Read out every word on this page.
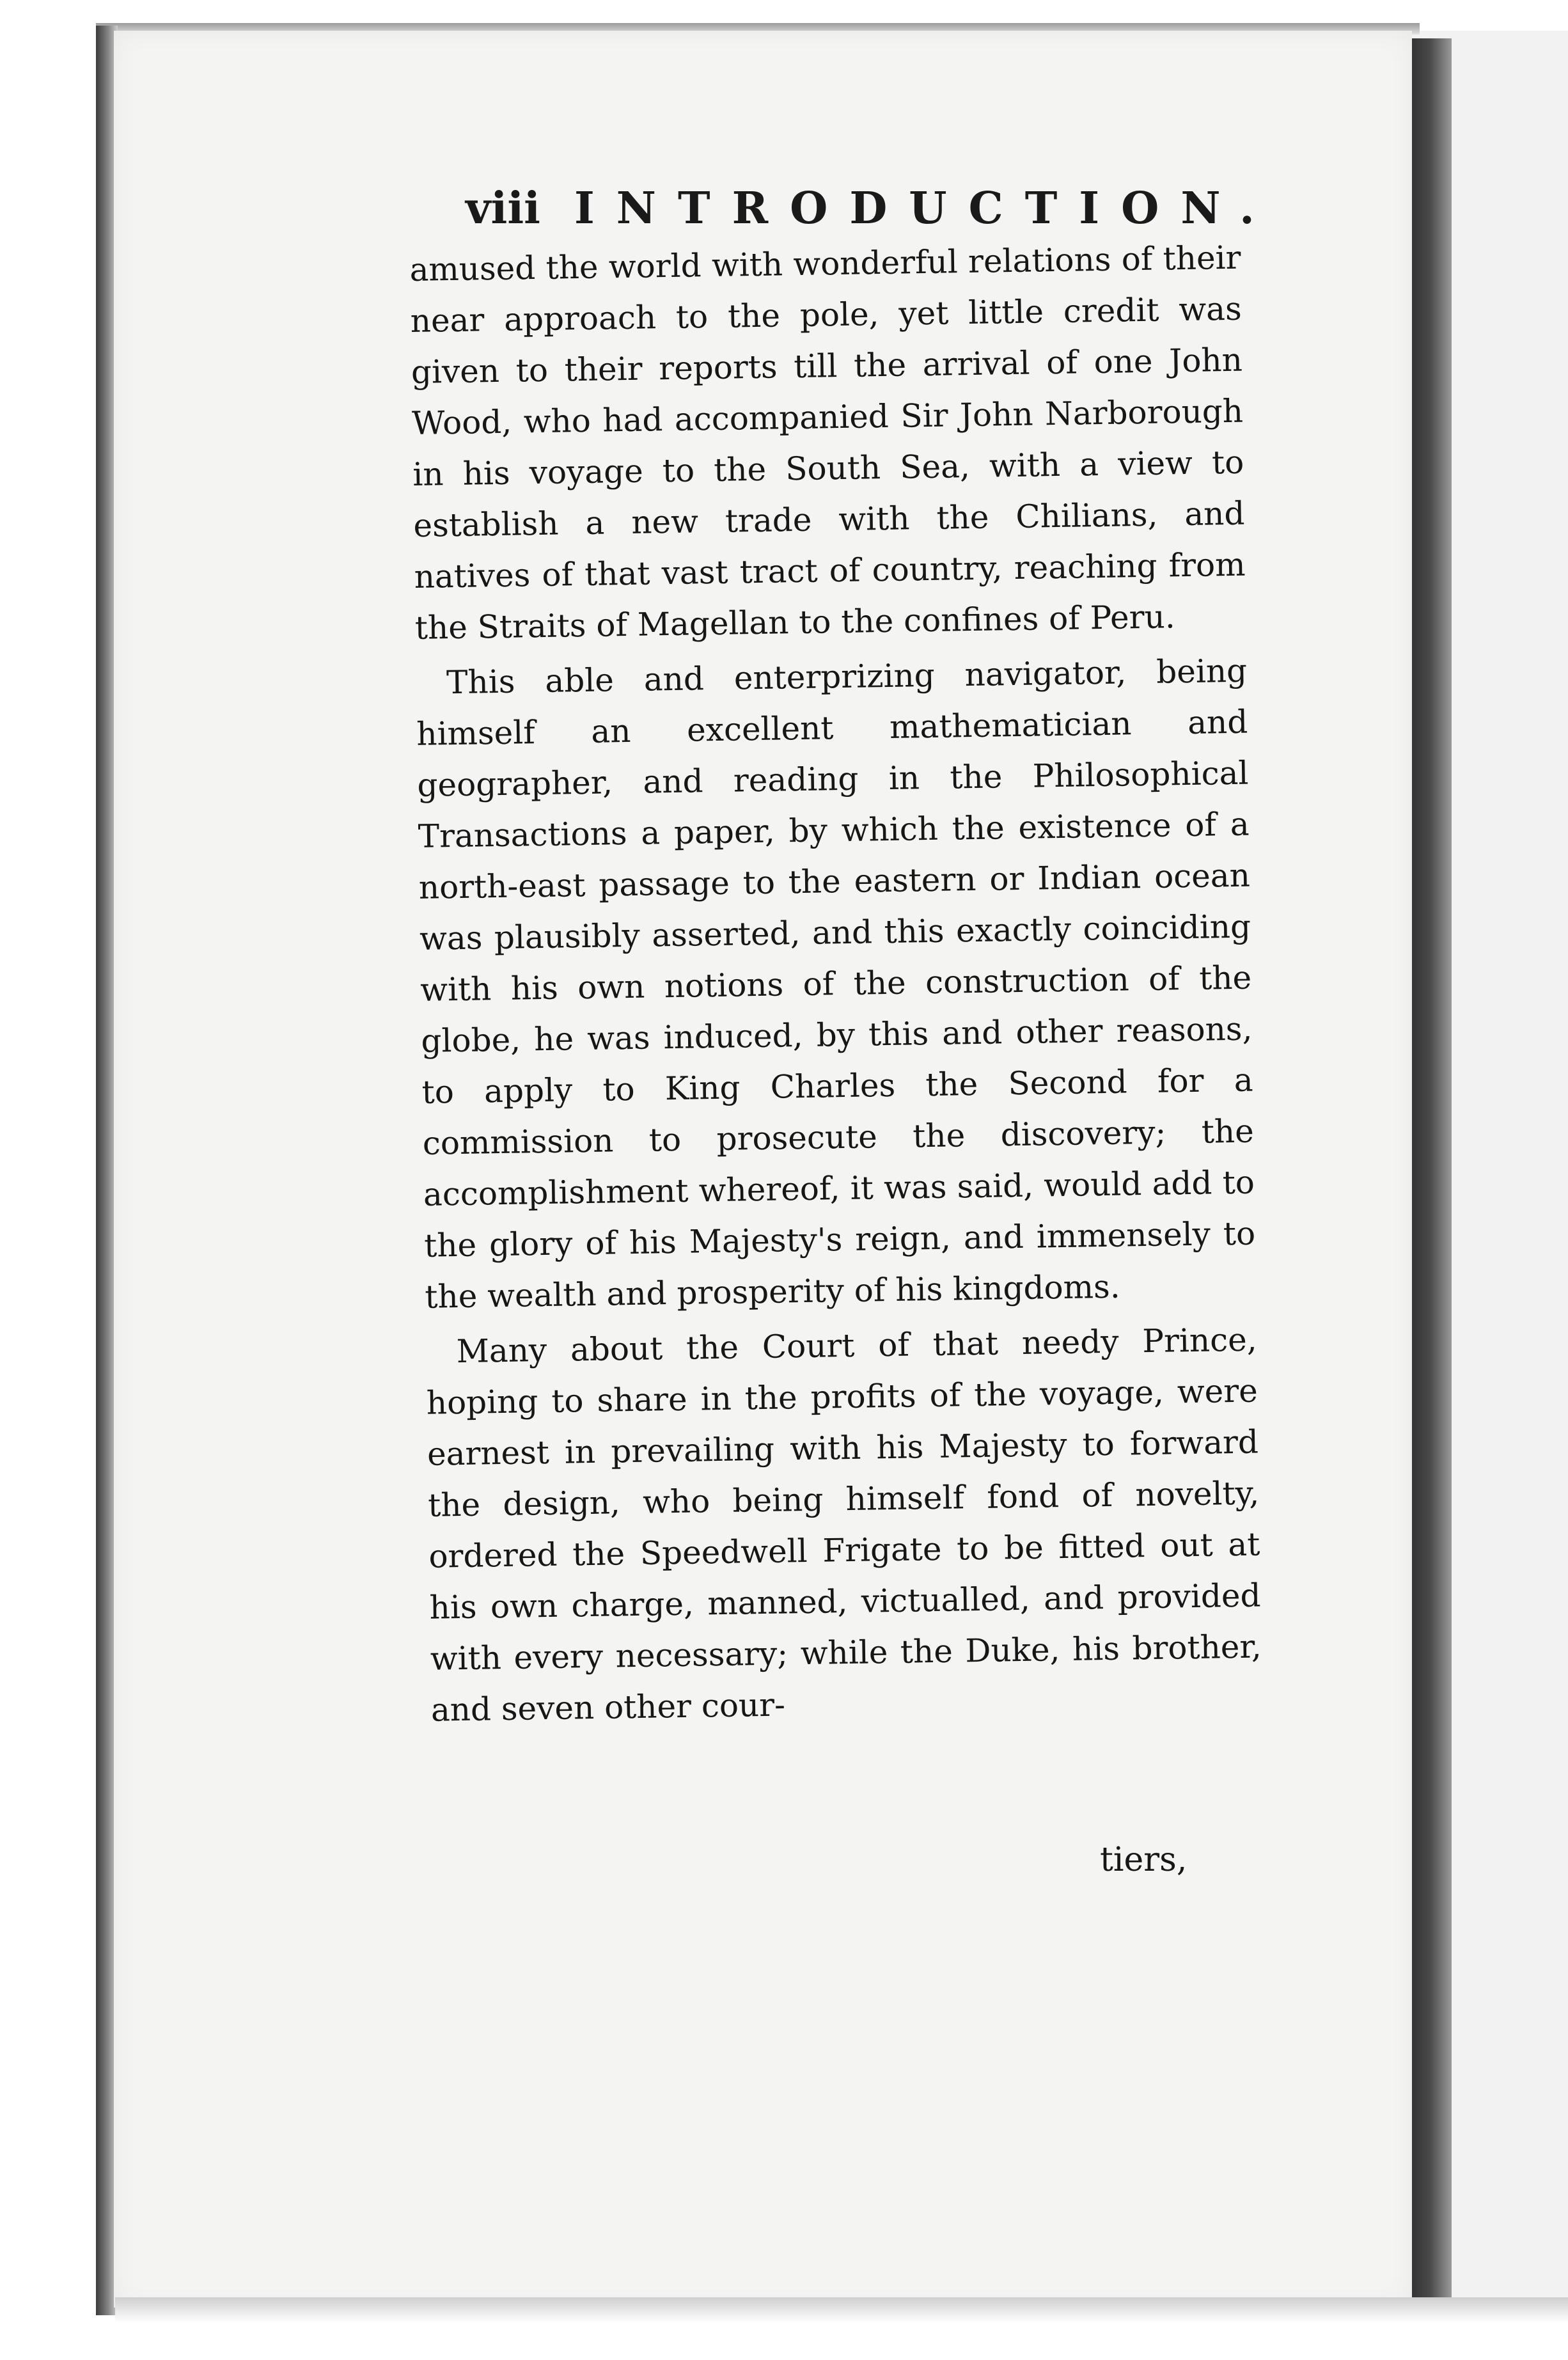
viii INTRODUCTION.

amused the world with wonderful relations of their near approach to the pole, yet little credit was given to their reports till the arrival of one John Wood, who had accompanied Sir John Narborough in his voyage to the South Sea, with a view to establish a new trade with the Chilians, and natives of that vast tract of country, reaching from the Straits of Magellan to the confines of Peru.

This able and enterprizing navigator, being himself an excellent mathematician and geographer, and reading in the Philosophical Transactions a paper, by which the existence of a north-east passage to the eastern or Indian ocean was plausibly asserted, and this exactly coinciding with his own notions of the construction of the globe, he was induced, by this and other reasons, to apply to King Charles the Second for a commission to prosecute the discovery; the accomplishment whereof, it was said, would add to the glory of his Majesty's reign, and immensely to the wealth and prosperity of his kingdoms.

Many about the Court of that needy Prince, hoping to share in the profits of the voyage, were earnest in prevailing with his Majesty to forward the design, who being himself fond of novelty, ordered the Speedwell Frigate to be fitted out at his own charge, manned, victualled, and provided with every necessary; while the Duke, his brother, and seven other cour-

tiers,
